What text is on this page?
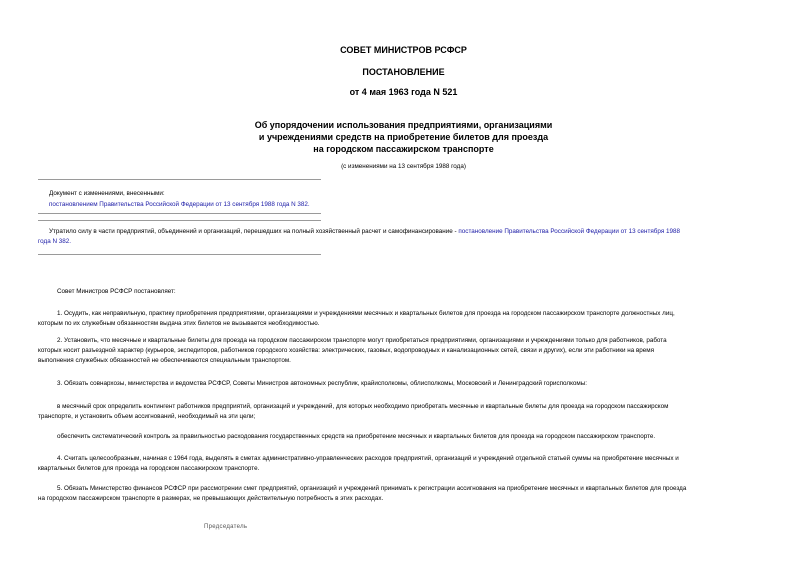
СОВЕТ МИНИСТРОВ РСФСР
ПОСТАНОВЛЕНИЕ
от 4 мая 1963 года N 521
Об упорядочении использования предприятиями, организациями
и учреждениями средств на приобретение билетов для проезда
на городском пассажирском транспорте
(с изменениями на 13 сентября 1988 года)
Документ с изменениями, внесенными:
постановлением Правительства Российской Федерации от 13 сентября 1988 года N 382.
Утратило силу в части предприятий, объединений и организаций, перешедших на полный хозяйственный расчет и самофинансирование - постановление Правительства Российской Федерации от 13 сентября 1988
года N 382.
Совет Министров РСФСР постановляет:
1. Осудить, как неправильную, практику приобретения предприятиями, организациями и учреждениями месячных и квартальных билетов для проезда на городском пассажирском транспорте должностных лиц,
которым по их служебным обязанностям выдача этих билетов не вызывается необходимостью.
2. Установить, что месячные и квартальные билеты для проезда на городском пассажирском транспорте могут приобретаться предприятиями, организациями и учреждениями только для работников, работа
которых носит разъездной характер (курьеров, экспедиторов, работников городского хозяйства: электрических, газовых, водопроводных и канализационных сетей, связи и других), если эти работники на время
выполнения служебных обязанностей не обеспечиваются специальным транспортом.
3. Обязать совнархозы, министерства и ведомства РСФСР, Советы Министров автономных республик, крайисполкомы, облисполкомы, Московский и Ленинградский горисполкомы:
в месячный срок определить контингент работников предприятий, организаций и учреждений, для которых необходимо приобретать месячные и квартальные билеты для проезда на городском пассажирском
транспорте, и установить объем ассигнований, необходимый на эти цели;
обеспечить систематический контроль за правильностью расходования государственных средств на приобретение месячных и квартальных билетов для проезда на городском пассажирском транспорте.
4. Считать целесообразным, начиная с 1964 года, выделять в сметах административно-управленческих расходов предприятий, организаций и учреждений отдельной статьей суммы на приобретение месячных и
квартальных билетов для проезда на городском пассажирском транспорте.
5. Обязать Министерство финансов РСФСР при рассмотрении смет предприятий, организаций и учреждений принимать к регистрации ассигнования на приобретение месячных и квартальных билетов для проезда
на городском пассажирском транспорте в размерах, не превышающих действительную потребность в этих расходах.
Председатель
